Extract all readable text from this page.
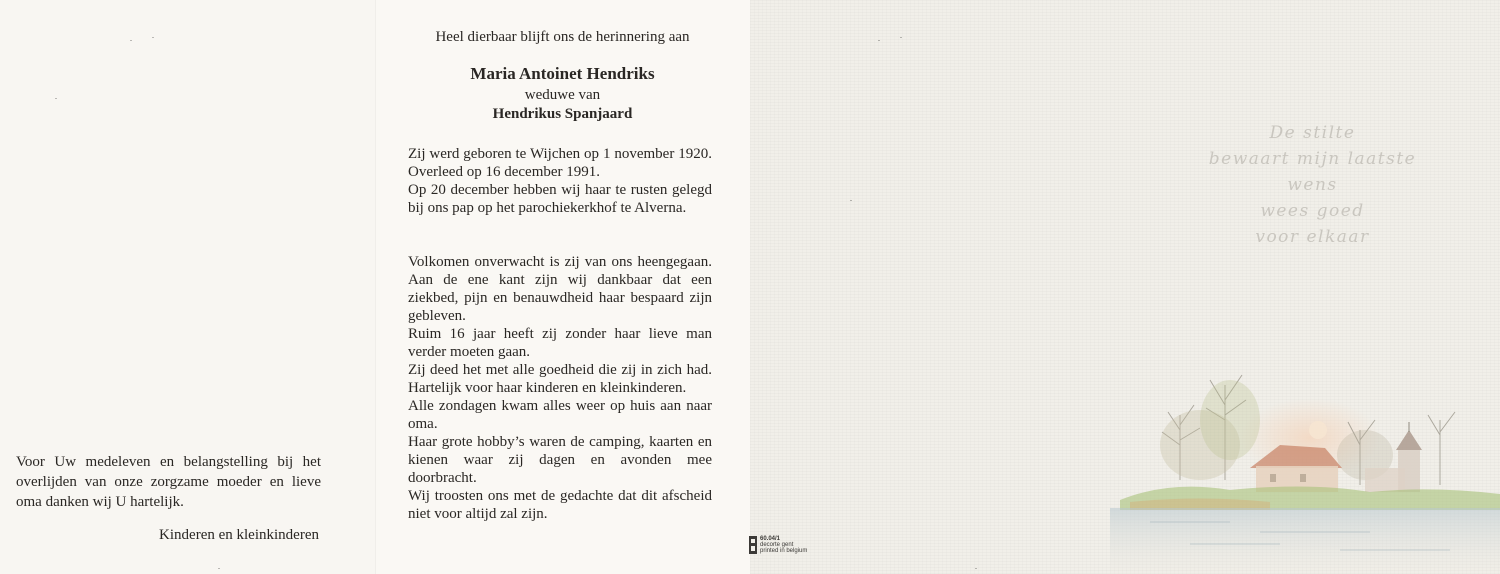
Voor Uw medeleven en belangstelling bij het overlijden van onze zorgzame moeder en lieve oma danken wij U hartelijk.

Kinderen en kleinkinderen

Heel dierbaar blijft ons de herinnering aan

Maria Antoinet Hendriks

weduwe van

Hendrikus Spanjaard

Zij werd geboren te Wijchen op 1 november 1920. Overleed op 16 december 1991.
Op 20 december hebben wij haar te rusten gelegd bij ons pap op het parochiekerkhof te Alverna.
Volkomen onverwacht is zij van ons heengegaan. Aan de ene kant zijn wij dankbaar dat een ziekbed, pijn en benauwdheid haar bespaard zijn gebleven.
Ruim 16 jaar heeft zij zonder haar lieve man verder moeten gaan.
Zij deed het met alle goedheid die zij in zich had. Hartelijk voor haar kinderen en kleinkinderen.
Alle zondagen kwam alles weer op huis aan naar oma.
Haar grote hobby’s waren de camping, kaarten en kienen waar zij dagen en avonden mee doorbracht.
Wij troosten ons met de gedachte dat dit afscheid niet voor altijd zal zijn.

De stilte
bewaart mijn laatste wens
wees goed
voor elkaar

60.04/1
decorte gent
printed in belgium
